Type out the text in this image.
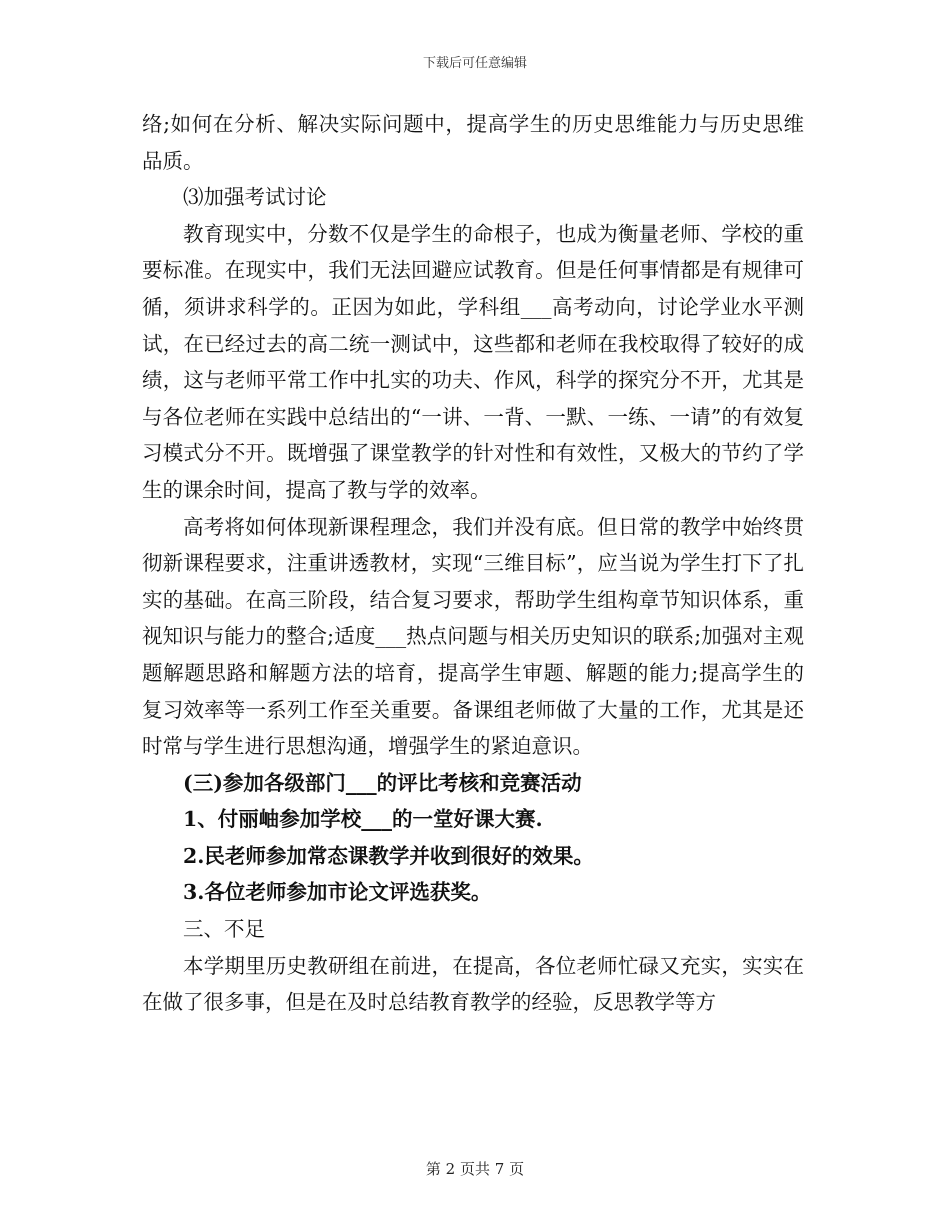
下载后可任意编辑

络;如何在分析、解决实际问题中，提高学生的历史思维能力与历史思维品质。

⑶加强考试讨论

教育现实中，分数不仅是学生的命根子，也成为衡量老师、学校的重要标准。在现实中，我们无法回避应试教育。但是任何事情都是有规律可循，须讲求科学的。正因为如此，学科组___高考动向，讨论学业水平测试，在已经过去的高二统一测试中，这些都和老师在我校取得了较好的成绩，这与老师平常工作中扎实的功夫、作风，科学的探究分不开，尤其是与各位老师在实践中总结出的“一讲、一背、一默、一练、一请”的有效复习模式分不开。既增强了课堂教学的针对性和有效性，又极大的节约了学生的课余时间，提高了教与学的效率。

高考将如何体现新课程理念，我们并没有底。但日常的教学中始终贯彻新课程要求，注重讲透教材，实现“三维目标”，应当说为学生打下了扎实的基础。在高三阶段，结合复习要求，帮助学生组构章节知识体系，重视知识与能力的整合;适度___热点问题与相关历史知识的联系;加强对主观题解题思路和解题方法的培育，提高学生审题、解题的能力;提高学生的复习效率等一系列工作至关重要。备课组老师做了大量的工作，尤其是还时常与学生进行思想沟通，增强学生的紧迫意识。

(三)参加各级部门___的评比考核和竞赛活动

1、付丽岫参加学校___的一堂好课大赛.

2.民老师参加常态课教学并收到很好的效果。

3.各位老师参加市论文评选获奖。

三、不足

本学期里历史教研组在前进，在提高，各位老师忙碌又充实，实实在在做了很多事，但是在及时总结教育教学的经验，反思教学等方

第 2 页共 7 页
